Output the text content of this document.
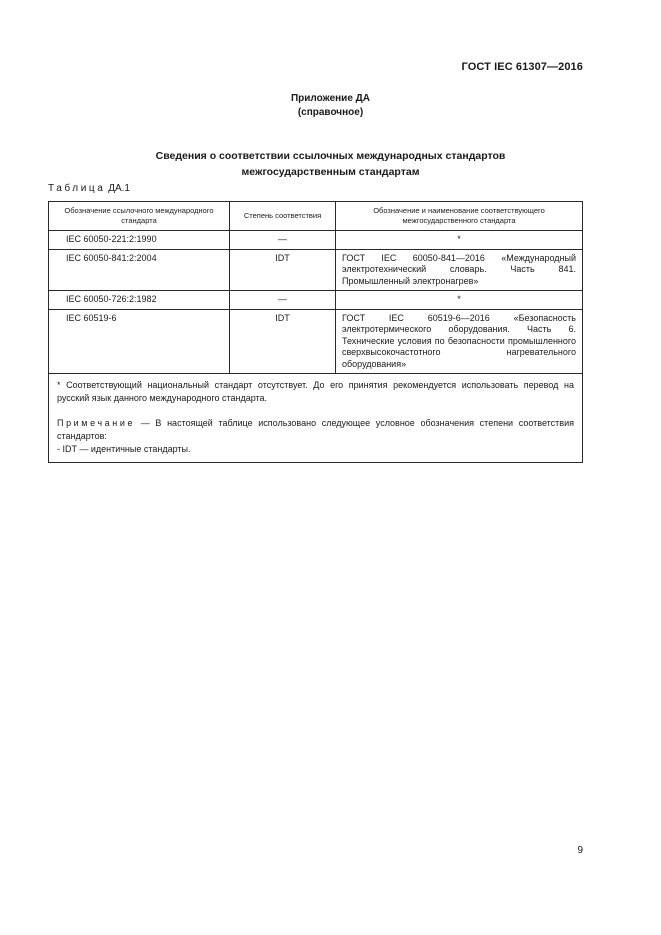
ГОСТ IEC 61307—2016
Приложение ДА
(справочное)
Сведения о соответствии ссылочных международных стандартов
межгосударственным стандартам
Таблица ДА.1
Обозначение ссылочного международного стандарта	Степень соответствия	Обозначение и наименование соответствующего межгосударственного стандарта
IEC 60050-221:2:1990	—	*
IEC 60050-841:2:2004	IDT	ГОСТ IEC 60050-841—2016 «Международный электротехнический словарь. Часть 841. Промышленный электронагрев»
IEC 60050-726:2:1982	—	*
IEC 60519-6	IDT	ГОСТ IEC 60519-6—2016 «Безопасность электротермического оборудования. Часть 6. Технические условия по безопасности промышленного сверхвысокочастотного нагревательного оборудования»

* Соответствующий национальный стандарт отсутствует. До его принятия рекомендуется использовать перевод на русский язык данного международного стандарта.

Примечание — В настоящей таблице использовано следующее условное обозначения степени соответствия стандартов:

- IDT — идентичные стандарты.		

9
